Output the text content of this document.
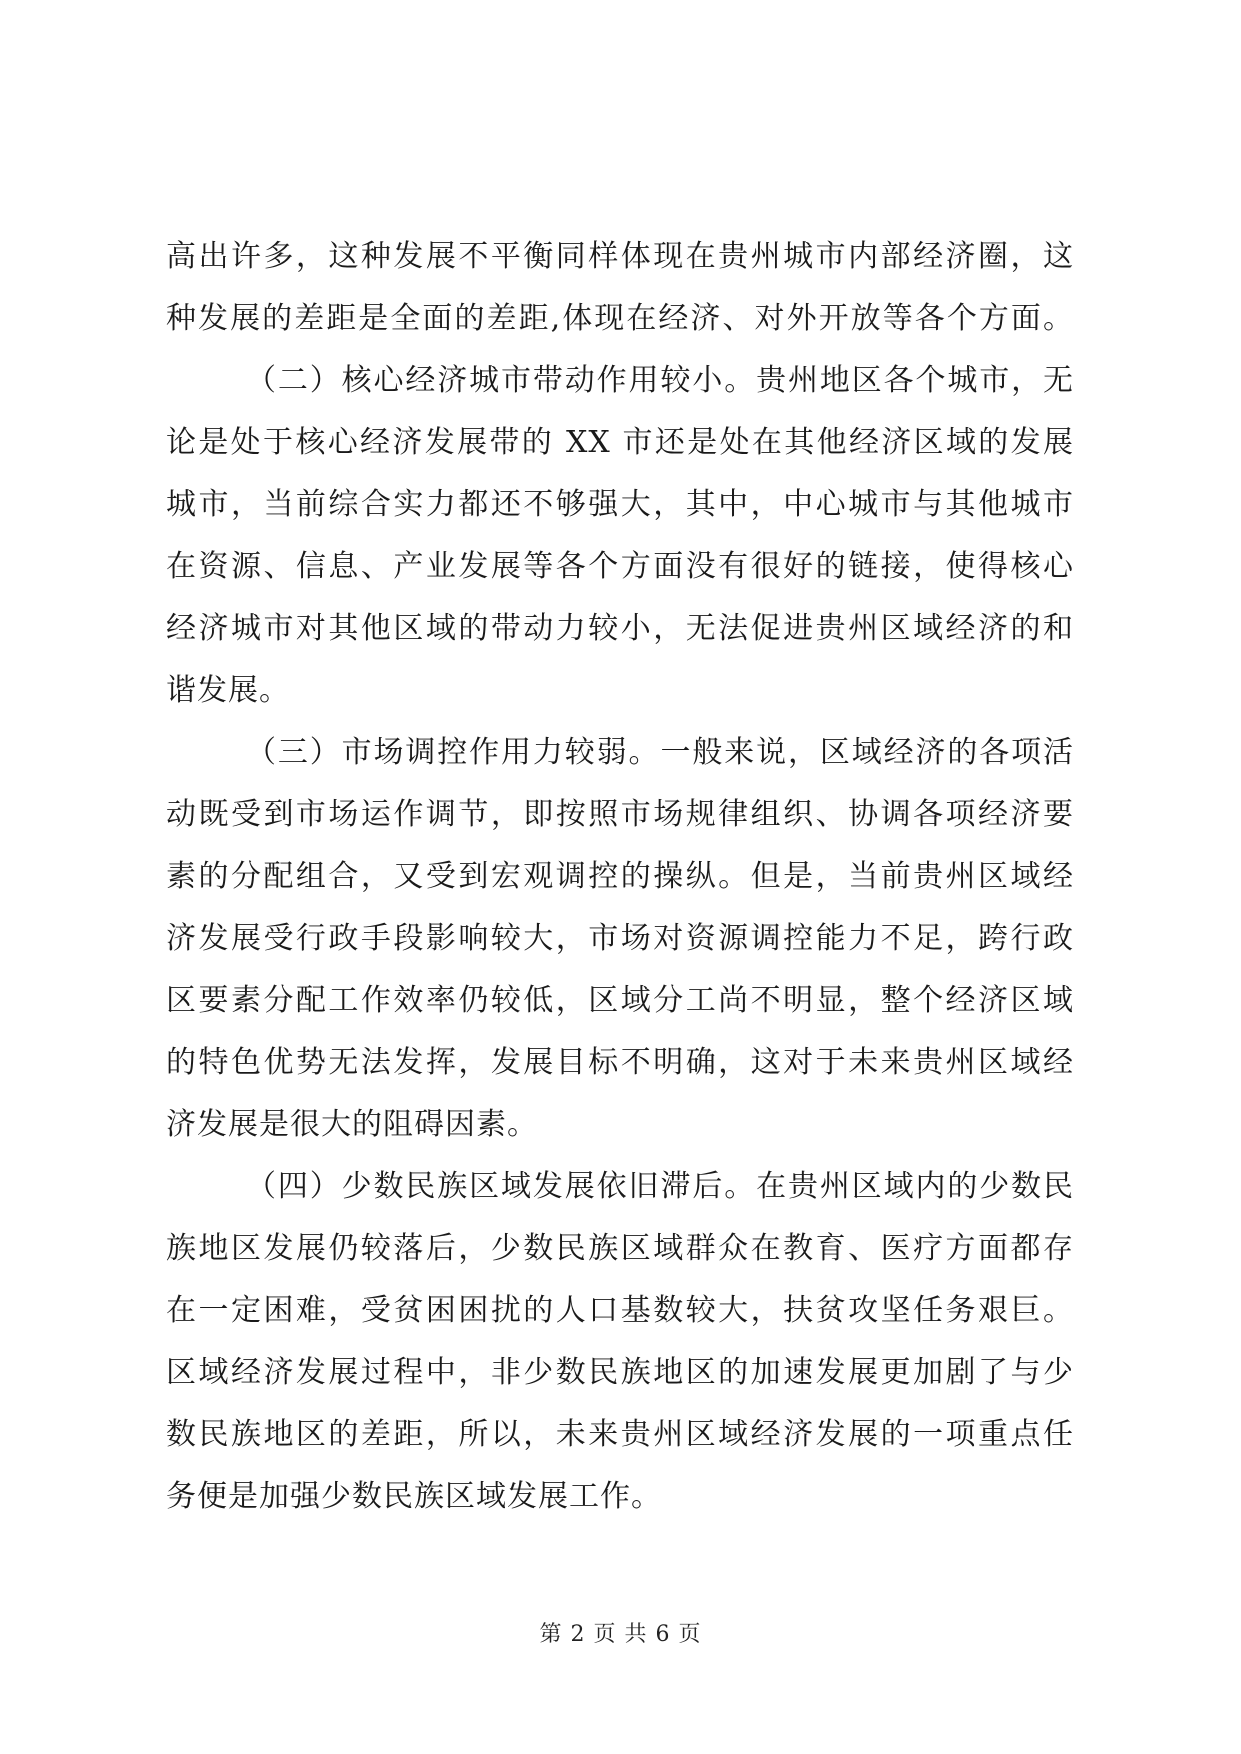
高出许多，这种发展不平衡同样体现在贵州城市内部经济圈，这
种发展的差距是全面的差距,体现在经济、对外开放等各个方面。
（二）核心经济城市带动作用较小。贵州地区各个城市，无
论是处于核心经济发展带的 XX 市还是处在其他经济区域的发展
城市，当前综合实力都还不够强大，其中，中心城市与其他城市
在资源、信息、产业发展等各个方面没有很好的链接，使得核心
经济城市对其他区域的带动力较小，无法促进贵州区域经济的和
谐发展。
（三）市场调控作用力较弱。一般来说，区域经济的各项活
动既受到市场运作调节，即按照市场规律组织、协调各项经济要
素的分配组合，又受到宏观调控的操纵。但是，当前贵州区域经
济发展受行政手段影响较大，市场对资源调控能力不足，跨行政
区要素分配工作效率仍较低，区域分工尚不明显，整个经济区域
的特色优势无法发挥，发展目标不明确，这对于未来贵州区域经
济发展是很大的阻碍因素。
（四）少数民族区域发展依旧滞后。在贵州区域内的少数民
族地区发展仍较落后，少数民族区域群众在教育、医疗方面都存
在一定困难，受贫困困扰的人口基数较大，扶贫攻坚任务艰巨。
区域经济发展过程中，非少数民族地区的加速发展更加剧了与少
数民族地区的差距，所以，未来贵州区域经济发展的一项重点任
务便是加强少数民族区域发展工作。
第 2 页 共 6 页
